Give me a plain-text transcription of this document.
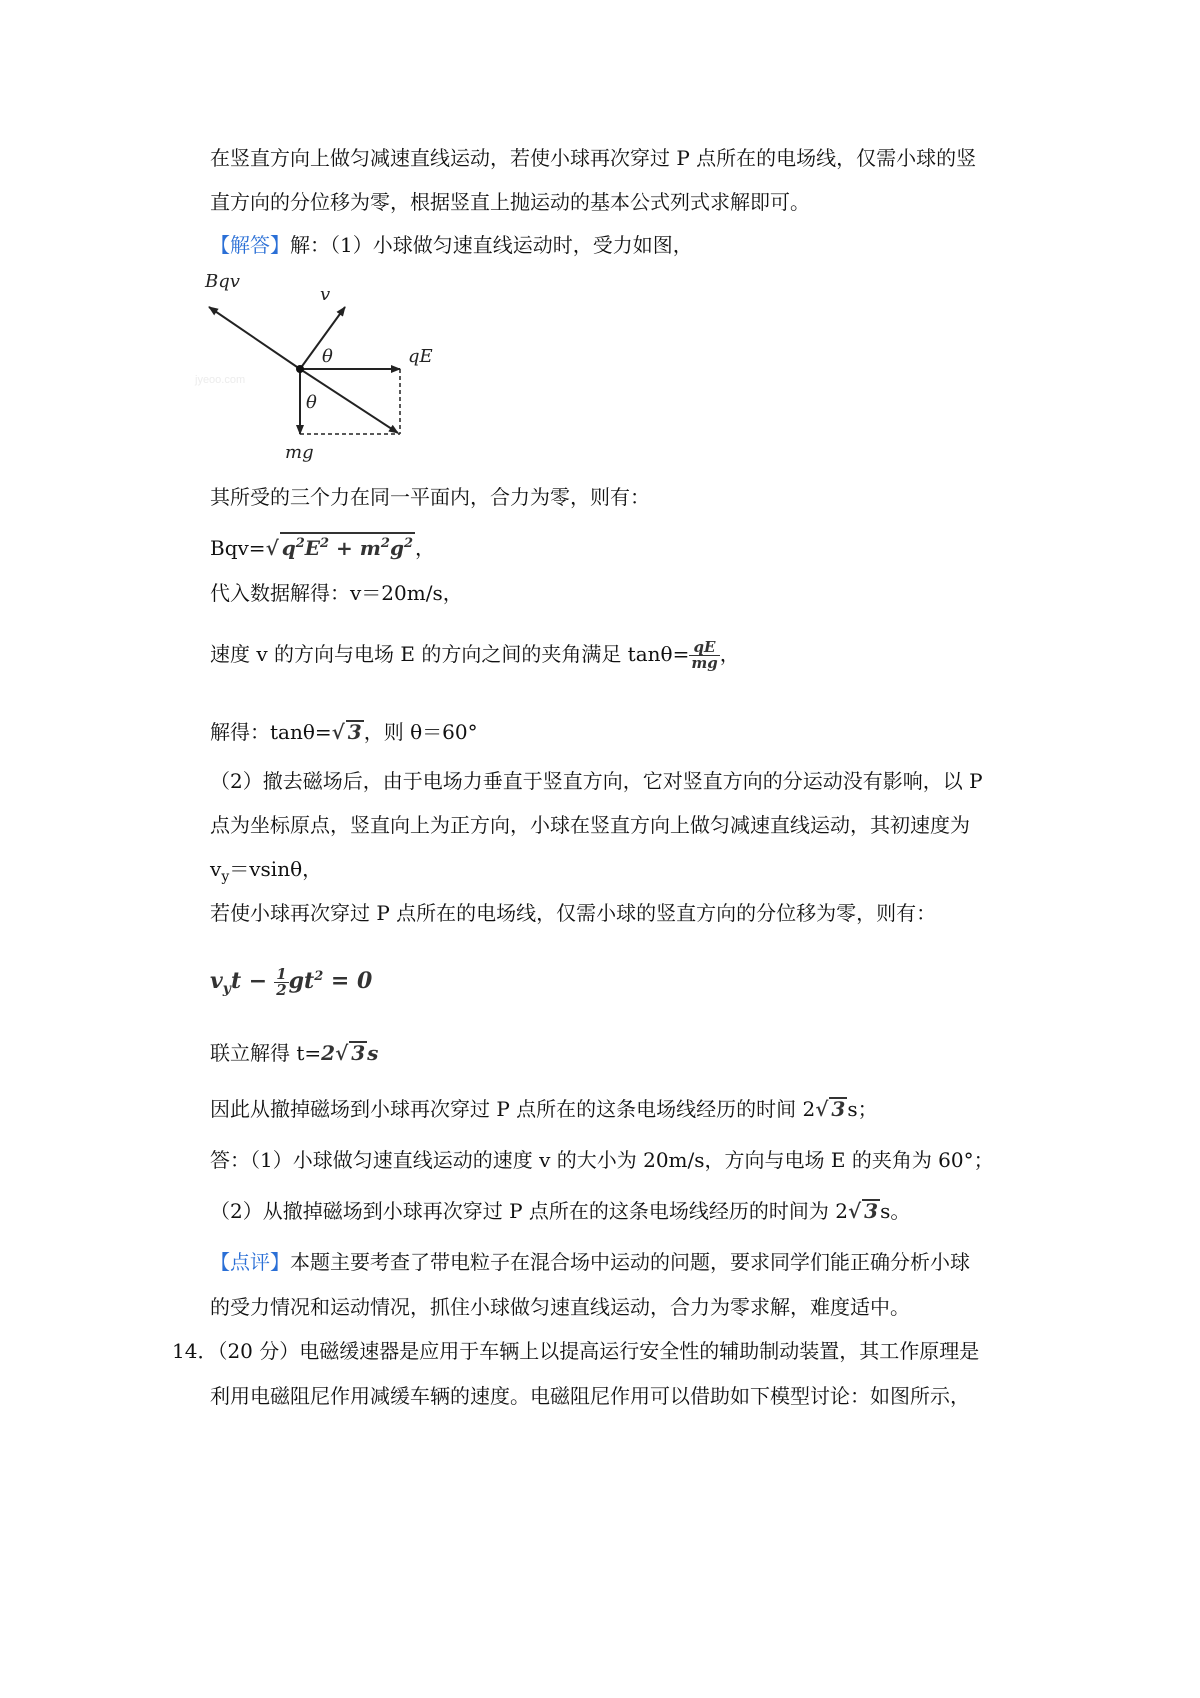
在竖直方向上做匀减速直线运动，若使小球再次穿过 P 点所在的电场线，仅需小球的竖
直方向的分位移为零，根据竖直上抛运动的基本公式列式求解即可。
【解答】解：（1）小球做匀速直线运动时，受力如图，
jyeoo.com
Bqv
v
qE
mg
θ
θ
其所受的三个力在同一平面内，合力为零，则有：
Bqv=√ $q^2E^2 + m^2g^2$ ，
代入数据解得：v＝20m/s，
速度 v 的方向与电场 E 的方向之间的夹角满足 $\tan\theta= \frac{qE}{mg}$ ，
解得：tanθ=√ 3 ，则 θ＝60°
（2）撤去磁场后，由于电场力垂直于竖直方向，它对竖直方向的分运动没有影响，以 P
点为坐标原点，竖直向上为正方向，小球在竖直方向上做匀减速直线运动，其初速度为
$v_y=vsin\theta$，
若使小球再次穿过 P 点所在的电场线，仅需小球的竖直方向的分位移为零，则有：
$v_yt - \frac{1}{2} gt^2 = 0$
联立解得 t=2√ 3 s
因此从撤掉磁场到小球再次穿过 P 点所在的这条电场线经历的时间 2√ 3 s；
答：（1）小球做匀速直线运动的速度 v 的大小为 20m/s，方向与电场 E 的夹角为 60°；
（2）从撤掉磁场到小球再次穿过 P 点所在的这条电场线经历的时间为 2√ 3 s。
【点评】本题主要考查了带电粒子在混合场中运动的问题，要求同学们能正确分析小球
的受力情况和运动情况，抓住小球做匀速直线运动，合力为零求解，难度适中。
14．（20 分）电磁缓速器是应用于车辆上以提高运行安全性的辅助制动装置，其工作原理是
利用电磁阻尼作用减缓车辆的速度。电磁阻尼作用可以借助如下模型讨论：如图所示，
